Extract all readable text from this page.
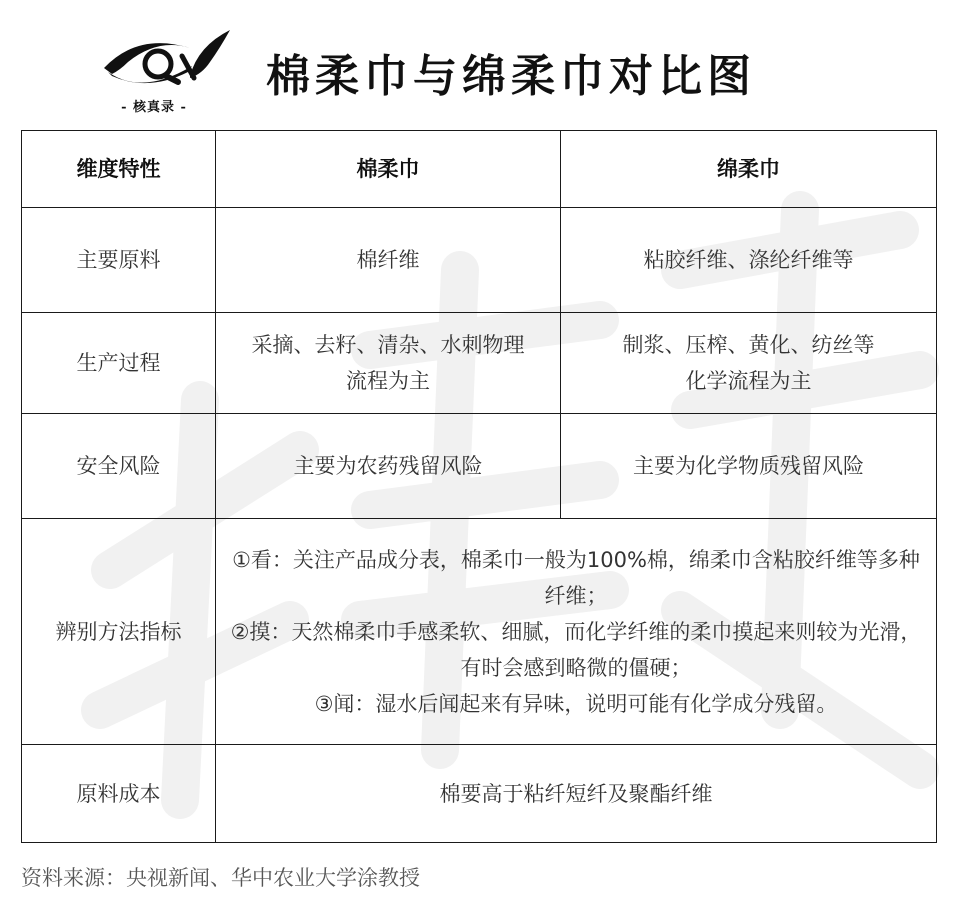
- 核真录 -
棉柔巾与绵柔巾对比图
维度特性	棉柔巾	绵柔巾
主要原料	棉纤维	粘胶纤维、涤纶纤维等
生产过程	采摘、去籽、清杂、水刺物理流程为主	制浆、压榨、黄化、纺丝等化学流程为主
安全风险	主要为农药残留风险	主要为化学物质残留风险
辨别方法指标	①看：关注产品成分表，棉柔巾一般为100%棉，绵柔巾含粘胶纤维等多种纤维；
②摸：天然棉柔巾手感柔软、细腻，而化学纤维的柔巾摸起来则较为光滑，有时会感到略微的僵硬；
③闻：湿水后闻起来有异味，说明可能有化学成分残留。	

原料成本	棉要高于粘纤短纤及聚酯纤维	
资料来源：央视新闻、华中农业大学涂教授
